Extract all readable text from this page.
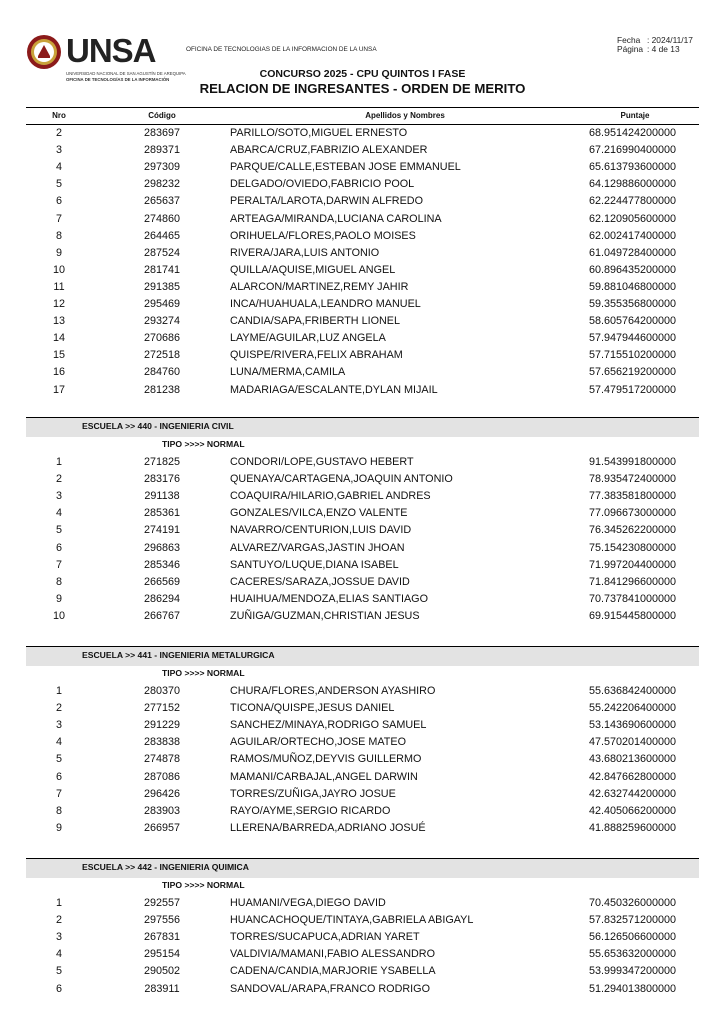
UNSA
UNIVERSIDAD NACIONAL DE SAN AGUSTÍN DE AREQUIPA
OFICINA DE TECNOLOGÍAS DE LA INFORMACIÓN
OFICINA DE TECNOLOGIAS DE LA INFORMACION DE LA UNSA
Fecha : 2024/11/17
Página : 4 de 13
CONCURSO 2025 - CPU QUINTOS I FASE
RELACION DE INGRESANTES - ORDEN DE MERITO
Nro	Código	Apellidos y Nombres	Puntaje
2	283697	PARILLO/SOTO,MIGUEL ERNESTO	68.951424200000
3	289371	ABARCA/CRUZ,FABRIZIO ALEXANDER	67.216990400000
4	297309	PARQUE/CALLE,ESTEBAN JOSE EMMANUEL	65.613793600000
5	298232	DELGADO/OVIEDO,FABRICIO POOL	64.129886000000
6	265637	PERALTA/LAROTA,DARWIN ALFREDO	62.224477800000
7	274860	ARTEAGA/MIRANDA,LUCIANA CAROLINA	62.120905600000
8	264465	ORIHUELA/FLORES,PAOLO MOISES	62.002417400000
9	287524	RIVERA/JARA,LUIS ANTONIO	61.049728400000
10	281741	QUILLA/AQUISE,MIGUEL ANGEL	60.896435200000
11	291385	ALARCON/MARTINEZ,REMY JAHIR	59.881046800000
12	295469	INCA/HUAHUALA,LEANDRO MANUEL	59.355356800000
13	293274	CANDIA/SAPA,FRIBERTH LIONEL	58.605764200000
14	270686	LAYME/AGUILAR,LUZ ANGELA	57.947944600000
15	272518	QUISPE/RIVERA,FELIX ABRAHAM	57.715510200000
16	284760	LUNA/MERMA,CAMILA	57.656219200000
17	281238	MADARIAGA/ESCALANTE,DYLAN MIJAIL	57.479517200000
ESCUELA >> 440 - INGENIERIA CIVIL
TIPO >>>> NORMAL
1	271825	CONDORI/LOPE,GUSTAVO HEBERT	91.543991800000
2	283176	QUENAYA/CARTAGENA,JOAQUIN ANTONIO	78.935472400000
3	291138	COAQUIRA/HILARIO,GABRIEL ANDRES	77.383581800000
4	285361	GONZALES/VILCA,ENZO VALENTE	77.096673000000
5	274191	NAVARRO/CENTURION,LUIS DAVID	76.345262200000
6	296863	ALVAREZ/VARGAS,JASTIN JHOAN	75.154230800000
7	285346	SANTUYO/LUQUE,DIANA ISABEL	71.997204400000
8	266569	CACERES/SARAZA,JOSSUE DAVID	71.841296600000
9	286294	HUAIHUA/MENDOZA,ELIAS SANTIAGO	70.737841000000
10	266767	ZUÑIGA/GUZMAN,CHRISTIAN JESUS	69.915445800000
ESCUELA >> 441 - INGENIERIA METALURGICA
TIPO >>>> NORMAL
1	280370	CHURA/FLORES,ANDERSON AYASHIRO	55.636842400000
2	277152	TICONA/QUISPE,JESUS DANIEL	55.242206400000
3	291229	SANCHEZ/MINAYA,RODRIGO SAMUEL	53.143690600000
4	283838	AGUILAR/ORTECHO,JOSE MATEO	47.570201400000
5	274878	RAMOS/MUÑOZ,DEYVIS GUILLERMO	43.680213600000
6	287086	MAMANI/CARBAJAL,ANGEL DARWIN	42.847662800000
7	296426	TORRES/ZUÑIGA,JAYRO JOSUE	42.632744200000
8	283903	RAYO/AYME,SERGIO RICARDO	42.405066200000
9	266957	LLERENA/BARREDA,ADRIANO JOSUÉ	41.888259600000
ESCUELA >> 442 - INGENIERIA QUIMICA
TIPO >>>> NORMAL
1	292557	HUAMANI/VEGA,DIEGO DAVID	70.450326000000
2	297556	HUANCACHOQUE/TINTAYA,GABRIELA ABIGAYL	57.832571200000
3	267831	TORRES/SUCAPUCA,ADRIAN YARET	56.126506600000
4	295154	VALDIVIA/MAMANI,FABIO ALESSANDRO	55.653632000000
5	290502	CADENA/CANDIA,MARJORIE YSABELLA	53.999347200000
6	283911	SANDOVAL/ARAPA,FRANCO RODRIGO	51.294013800000
